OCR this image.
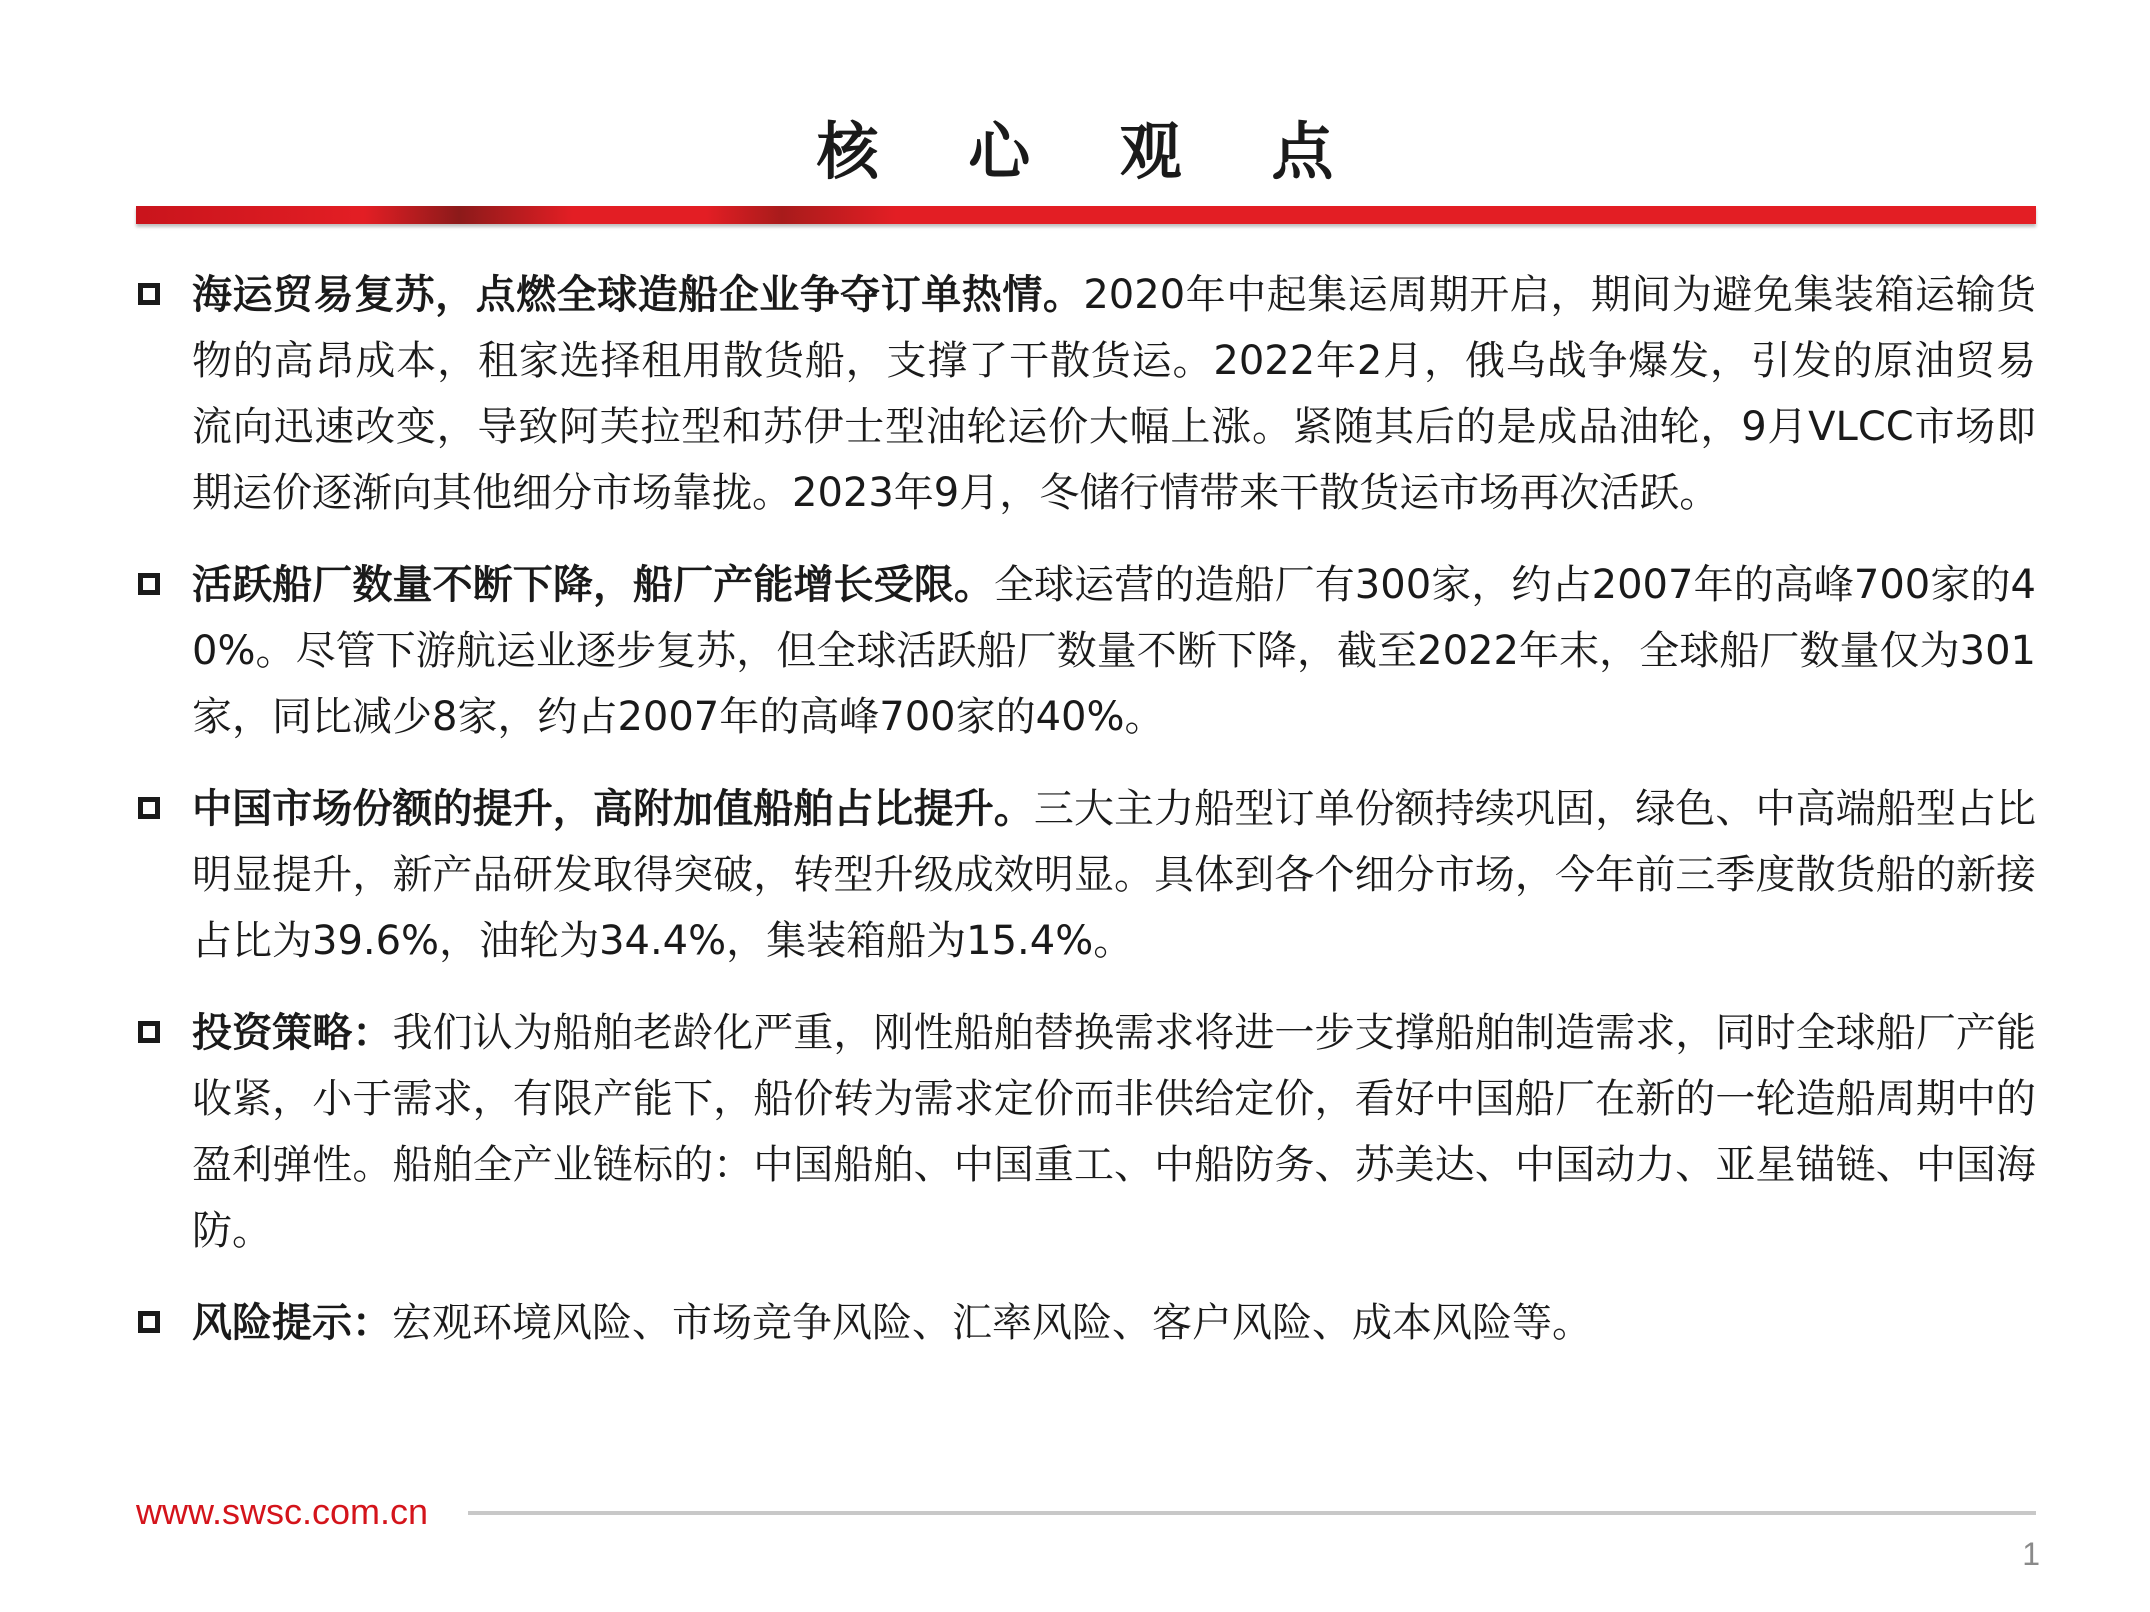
核 心 观 点
海运贸易复苏，点燃全球造船企业争夺订单热情。2020年中起集运周期开启，期间为避免集装箱运输货物的高昂成本，租家选择租用散货船，支撑了干散货运。2022年2月，俄乌战争爆发，引发的原油贸易流向迅速改变，导致阿芙拉型和苏伊士型油轮运价大幅上涨。紧随其后的是成品油轮，9月VLCC市场即期运价逐渐向其他细分市场靠拢。2023年9月，冬储行情带来干散货运市场再次活跃。
活跃船厂数量不断下降，船厂产能增长受限。全球运营的造船厂有300家，约占2007年的高峰700家的40%。尽管下游航运业逐步复苏，但全球活跃船厂数量不断下降，截至2022年末，全球船厂数量仅为301家，同比减少8家，约占2007年的高峰700家的40%。
中国市场份额的提升，高附加值船舶占比提升。三大主力船型订单份额持续巩固，绿色、中高端船型占比明显提升，新产品研发取得突破，转型升级成效明显。具体到各个细分市场，今年前三季度散货船的新接占比为39.6%，油轮为34.4%，集装箱船为15.4%。
投资策略：我们认为船舶老龄化严重，刚性船舶替换需求将进一步支撑船舶制造需求，同时全球船厂产能收紧，小于需求，有限产能下，船价转为需求定价而非供给定价，看好中国船厂在新的一轮造船周期中的盈利弹性。船舶全产业链标的：中国船舶、中国重工、中船防务、苏美达、中国动力、亚星锚链、中国海防。
风险提示：宏观环境风险、市场竞争风险、汇率风险、客户风险、成本风险等。
www.swsc.com.cn
1
